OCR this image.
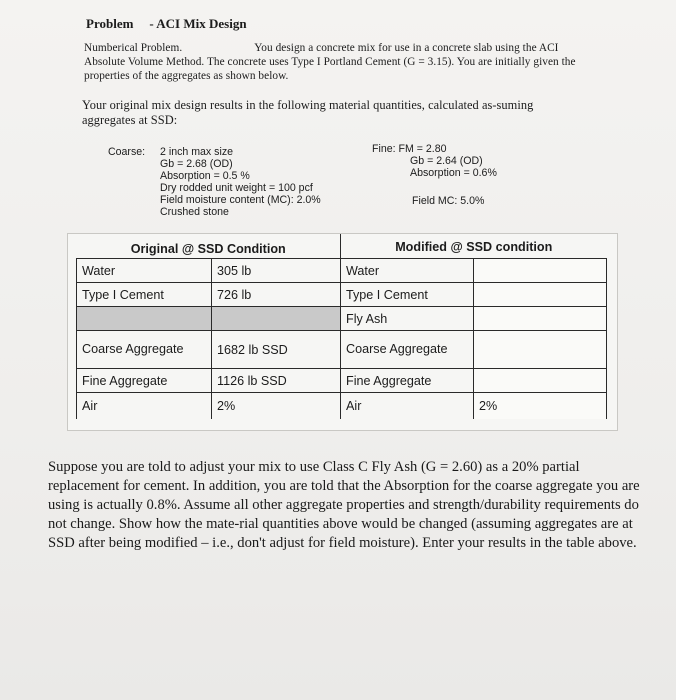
Problem - ACI Mix Design
Numberical Problem.	You design a concrete mix for use in a concrete slab using the ACI Absolute Volume Method. The concrete uses Type I Portland Cement (G = 3.15). You are initially given the properties of the aggregates as shown below.
Your original mix design results in the following material quantities, calculated as-suming aggregates at SSD:
Coarse:	2 inch max size
Gb = 2.68 (OD)
Absorption = 0.5 %
Dry rodded unit weight = 100 pcf
Field moisture content (MC): 2.0%
Crushed stone
Fine: FM = 2.80
Gb = 2.64 (OD)
Absorption = 0.6%
Field MC: 5.0%
Original @ SSD Condition		Modified @ SSD condition	
Water	305 lb	Water	
Type I Cement	726 lb	Type I Cement	
		Fly Ash	
Coarse Aggregate	1682 lb SSD	Coarse Aggregate	
Fine Aggregate	1126 lb SSD	Fine Aggregate	
Air	2%	Air	2%
Suppose you are told to adjust your mix to use Class C Fly Ash (G = 2.60) as a 20% partial replacement for cement. In addition, you are told that the Absorption for the coarse aggregate you are using is actually 0.8%. Assume all other aggregate properties and strength/durability requirements do not change. Show how the mate-rial quantities above would be changed (assuming aggregates are at SSD after being modified – i.e., don't adjust for field moisture). Enter your results in the table above.
